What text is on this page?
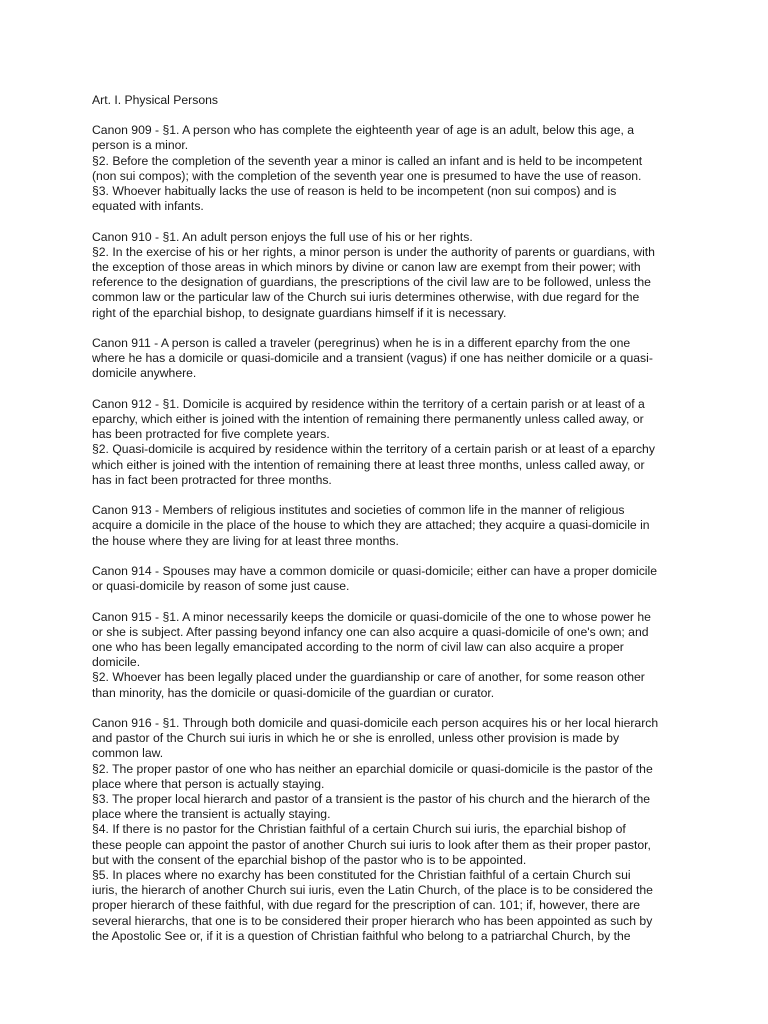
Art. I. Physical Persons
Canon 909 - §1. A person who has complete the eighteenth year of age is an adult, below this age, a
person is a minor.
§2. Before the completion of the seventh year a minor is called an infant and is held to be incompetent
(non sui compos); with the completion of the seventh year one is presumed to have the use of reason.
§3. Whoever habitually lacks the use of reason is held to be incompetent (non sui compos) and is
equated with infants.
Canon 910 - §1. An adult person enjoys the full use of his or her rights.
§2. In the exercise of his or her rights, a minor person is under the authority of parents or guardians, with
the exception of those areas in which minors by divine or canon law are exempt from their power; with
reference to the designation of guardians, the prescriptions of the civil law are to be followed, unless the
common law or the particular law of the Church sui iuris determines otherwise, with due regard for the
right of the eparchial bishop, to designate guardians himself if it is necessary.
Canon 911 - A person is called a traveler (peregrinus) when he is in a different eparchy from the one
where he has a domicile or quasi-domicile and a transient (vagus) if one has neither domicile or a quasi-
domicile anywhere.
Canon 912 - §1. Domicile is acquired by residence within the territory of a certain parish or at least of a
eparchy, which either is joined with the intention of remaining there permanently unless called away, or
has been protracted for five complete years.
§2. Quasi-domicile is acquired by residence within the territory of a certain parish or at least of a eparchy
which either is joined with the intention of remaining there at least three months, unless called away, or
has in fact been protracted for three months.
Canon 913 - Members of religious institutes and societies of common life in the manner of religious
acquire a domicile in the place of the house to which they are attached; they acquire a quasi-domicile in
the house where they are living for at least three months.
Canon 914 - Spouses may have a common domicile or quasi-domicile; either can have a proper domicile
or quasi-domicile by reason of some just cause.
Canon 915 - §1. A minor necessarily keeps the domicile or quasi-domicile of the one to whose power he
or she is subject. After passing beyond infancy one can also acquire a quasi-domicile of one's own; and
one who has been legally emancipated according to the norm of civil law can also acquire a proper
domicile.
§2. Whoever has been legally placed under the guardianship or care of another, for some reason other
than minority, has the domicile or quasi-domicile of the guardian or curator.
Canon 916 - §1. Through both domicile and quasi-domicile each person acquires his or her local hierarch
and pastor of the Church sui iuris in which he or she is enrolled, unless other provision is made by
common law.
§2. The proper pastor of one who has neither an eparchial domicile or quasi-domicile is the pastor of the
place where that person is actually staying.
§3. The proper local hierarch and pastor of a transient is the pastor of his church and the hierarch of the
place where the transient is actually staying.
§4. If there is no pastor for the Christian faithful of a certain Church sui iuris, the eparchial bishop of
these people can appoint the pastor of another Church sui iuris to look after them as their proper pastor,
but with the consent of the eparchial bishop of the pastor who is to be appointed.
§5. In places where no exarchy has been constituted for the Christian faithful of a certain Church sui
iuris, the hierarch of another Church sui iuris, even the Latin Church, of the place is to be considered the
proper hierarch of these faithful, with due regard for the prescription of can. 101; if, however, there are
several hierarchs, that one is to be considered their proper hierarch who has been appointed as such by
the Apostolic See or, if it is a question of Christian faithful who belong to a patriarchal Church, by the
